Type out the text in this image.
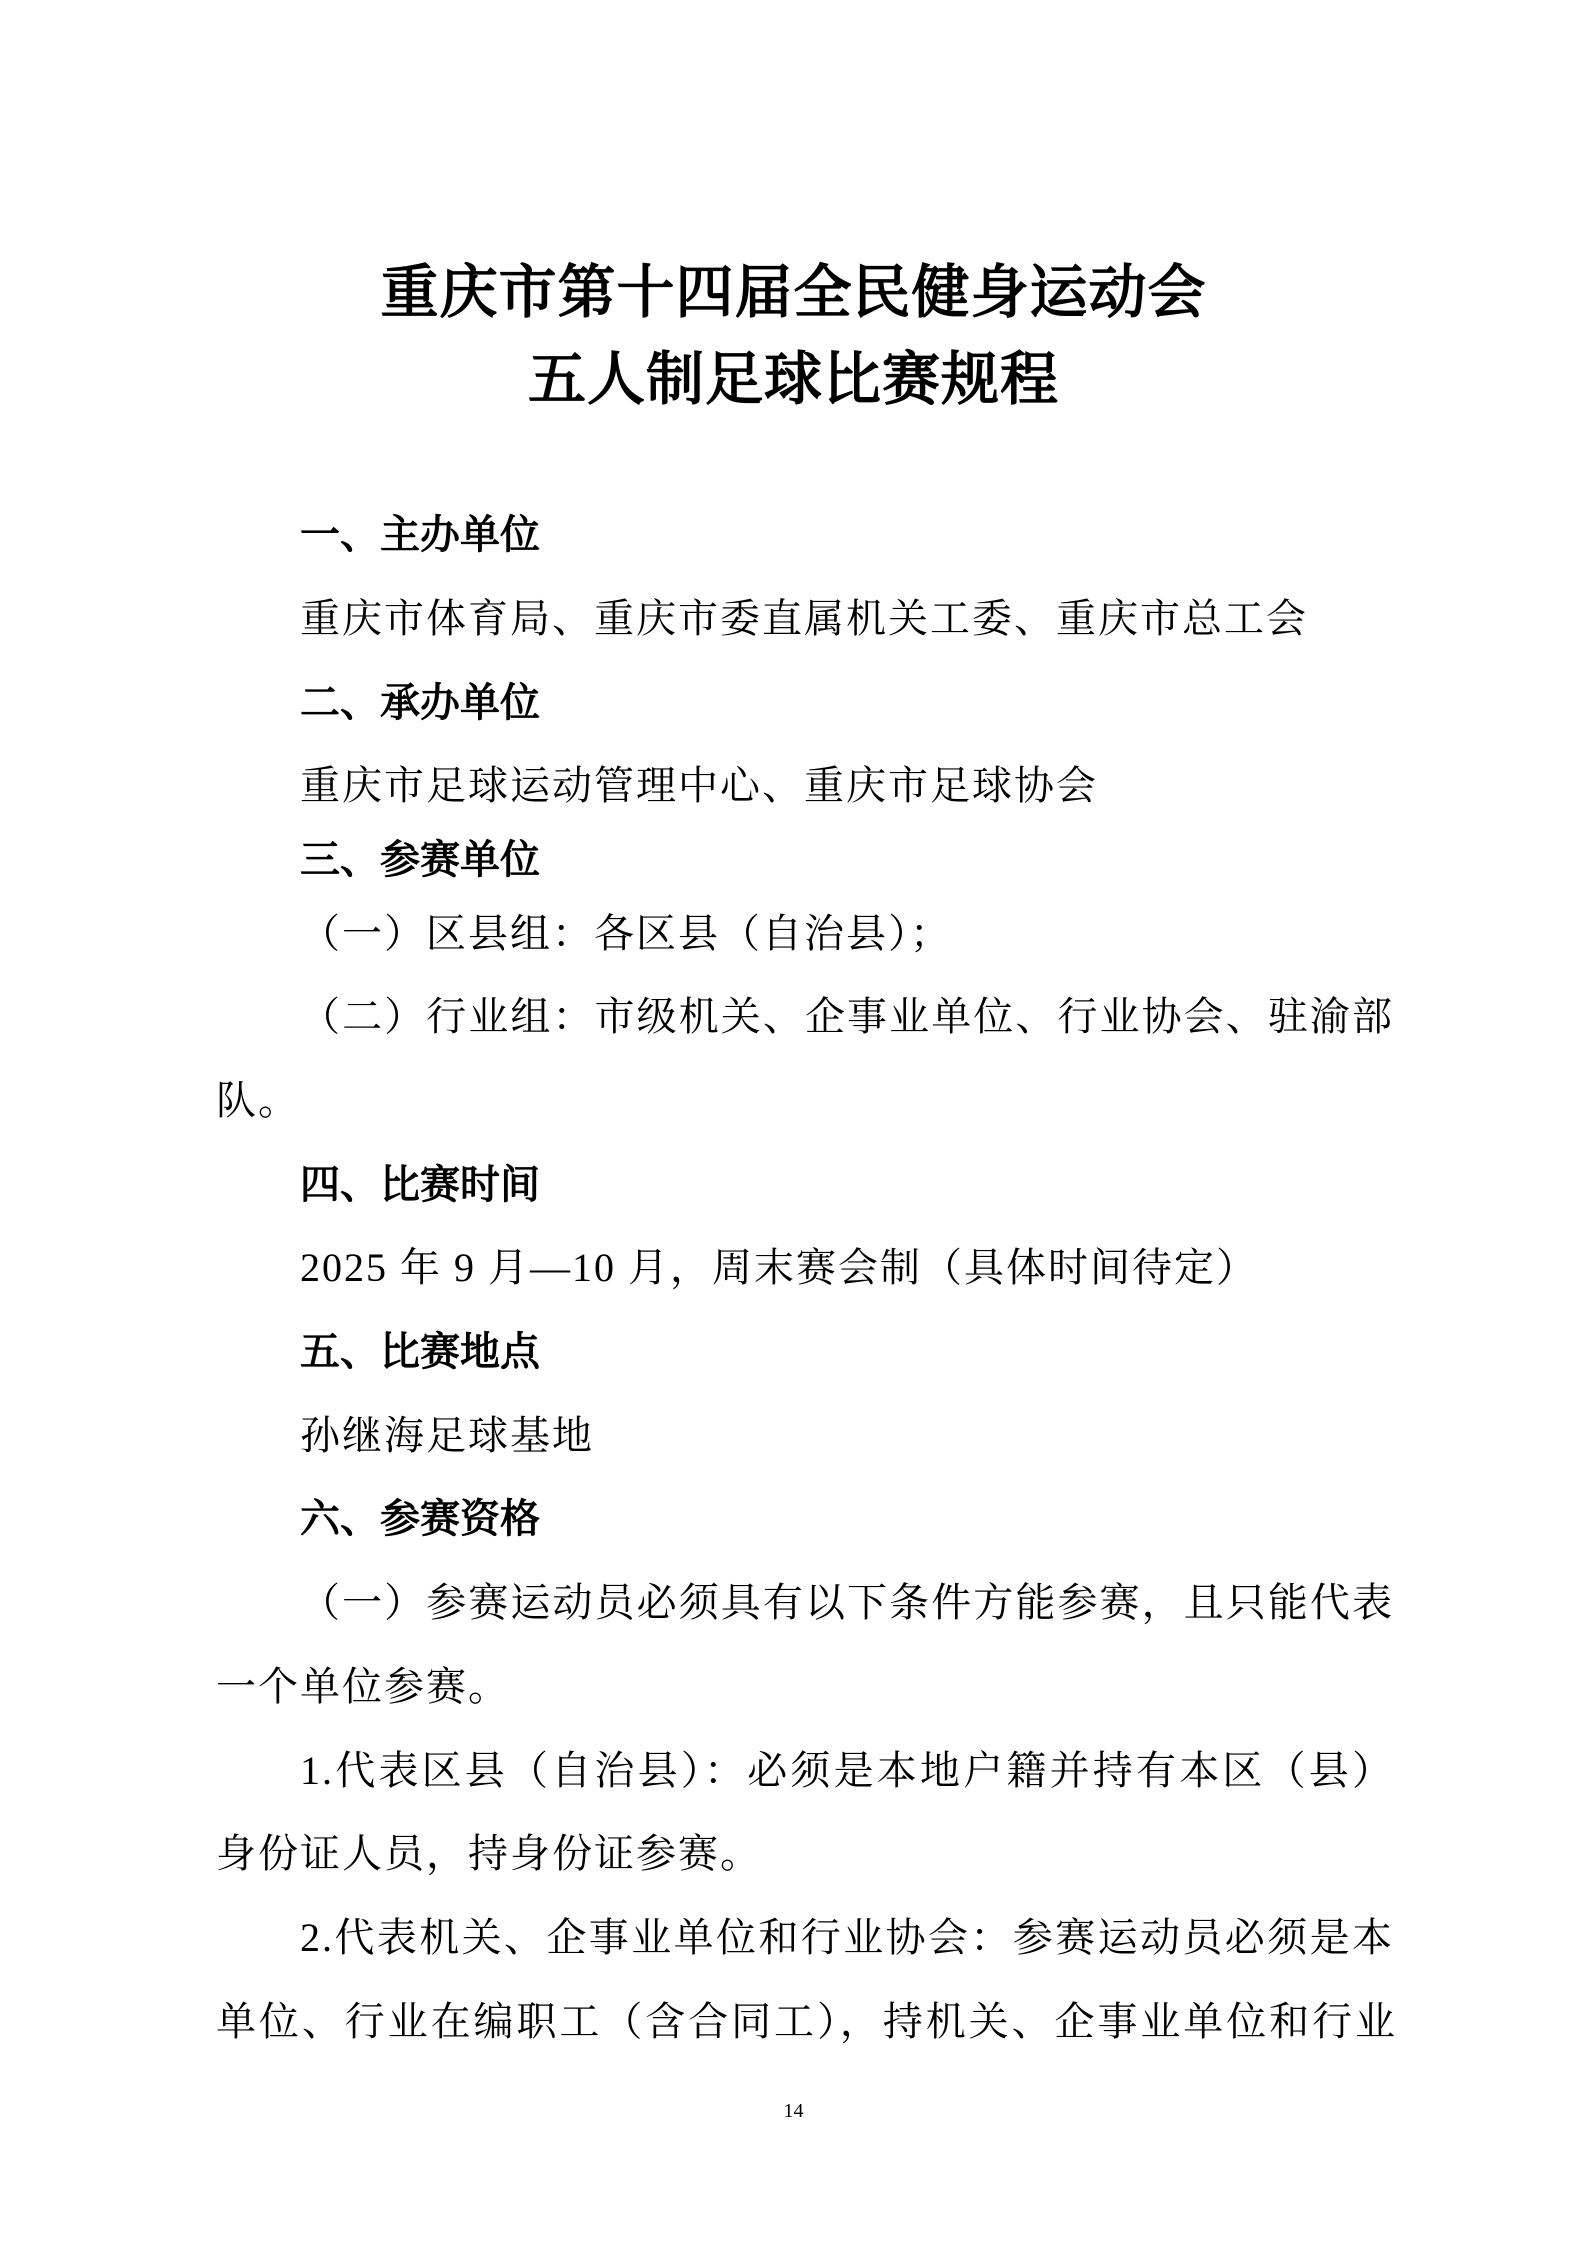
重庆市第十四届全民健身运动会
五人制足球比赛规程
一、主办单位
重庆市体育局、重庆市委直属机关工委、重庆市总工会
二、承办单位
重庆市足球运动管理中心、重庆市足球协会
三、参赛单位
（一）区县组：各区县（自治县）；
（二）行业组：市级机关、企事业单位、行业协会、驻渝部
队。
四、比赛时间
2025 年 9 月—10 月，周末赛会制（具体时间待定）
五、比赛地点
孙继海足球基地
六、参赛资格
（一）参赛运动员必须具有以下条件方能参赛，且只能代表
一个单位参赛。
1.代表区县（自治县）：必须是本地户籍并持有本区（县）
身份证人员，持身份证参赛。
2.代表机关、企事业单位和行业协会：参赛运动员必须是本
单位、行业在编职工（含合同工），持机关、企事业单位和行业
14
